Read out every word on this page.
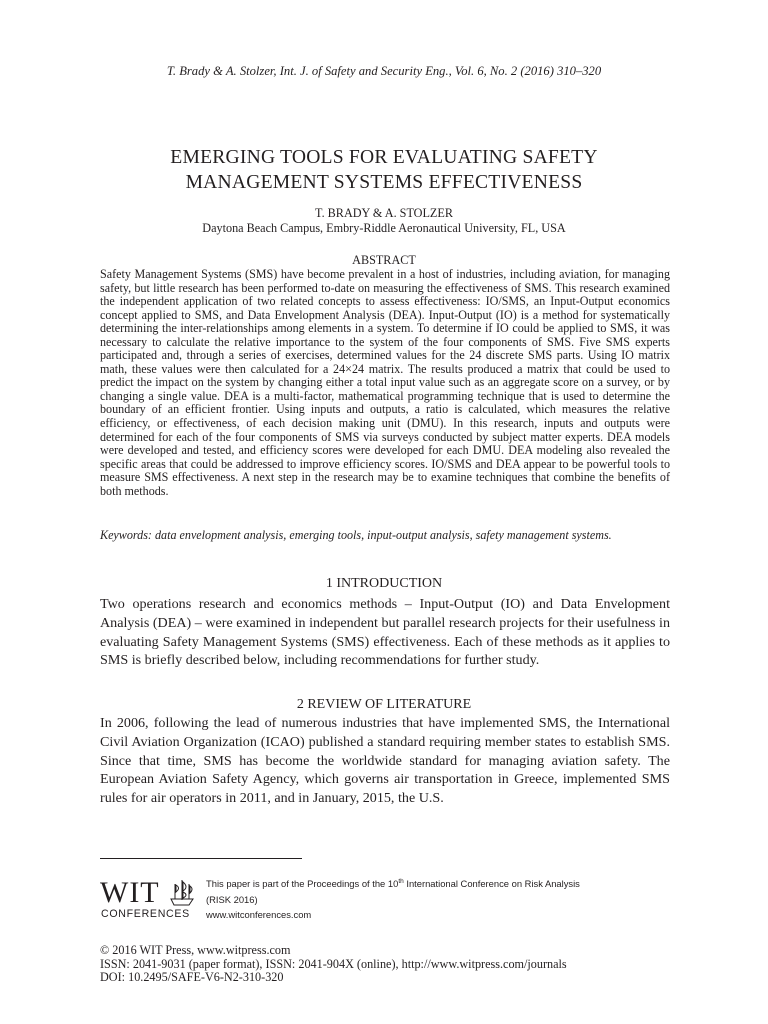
T. Brady & A. Stolzer, Int. J. of Safety and Security Eng., Vol. 6, No. 2 (2016) 310–320
EMERGING TOOLS FOR EVALUATING SAFETY
MANAGEMENT SYSTEMS EFFECTIVENESS
T. BRADY & A. STOLZER
Daytona Beach Campus, Embry-Riddle Aeronautical University, FL, USA
ABSTRACT
Safety Management Systems (SMS) have become prevalent in a host of industries, including aviation, for managing safety, but little research has been performed to-date on measuring the effectiveness of SMS. This research examined the independent application of two related concepts to assess effectiveness: IO/SMS, an Input-Output economics concept applied to SMS, and Data Envelopment Analysis (DEA). Input-Output (IO) is a method for systematically determining the inter-relationships among elements in a system. To determine if IO could be applied to SMS, it was necessary to calculate the relative importance to the system of the four components of SMS. Five SMS experts participated and, through a series of exercises, determined values for the 24 discrete SMS parts. Using IO matrix math, these values were then calculated for a 24×24 matrix. The results produced a matrix that could be used to predict the impact on the system by changing either a total input value such as an aggregate score on a survey, or by changing a single value. DEA is a multi-factor, mathematical programming technique that is used to determine the boundary of an efficient frontier. Using inputs and outputs, a ratio is calculated, which measures the relative efficiency, or effectiveness, of each decision making unit (DMU). In this research, inputs and outputs were determined for each of the four components of SMS via surveys conducted by subject matter experts. DEA models were developed and tested, and efficiency scores were developed for each DMU. DEA modeling also revealed the specific areas that could be addressed to improve efficiency scores. IO/SMS and DEA appear to be powerful tools to measure SMS effectiveness. A next step in the research may be to examine techniques that combine the benefits of both methods.
Keywords: data envelopment analysis, emerging tools, input-output analysis, safety management systems.
1 INTRODUCTION
Two operations research and economics methods – Input-Output (IO) and Data Envelopment Analysis (DEA) – were examined in independent but parallel research projects for their usefulness in evaluating Safety Management Systems (SMS) effectiveness. Each of these methods as it applies to SMS is briefly described below, including recommendations for further study.
2 REVIEW OF LITERATURE
In 2006, following the lead of numerous industries that have implemented SMS, the International Civil Aviation Organization (ICAO) published a standard requiring member states to establish SMS. Since that time, SMS has become the worldwide standard for managing aviation safety. The European Aviation Safety Agency, which governs air transportation in Greece, implemented SMS rules for air operators in 2011, and in January, 2015, the U.S.
WIT
CONFERENCES
This paper is part of the Proceedings of the 10th International Conference on Risk Analysis
(RISK 2016)
www.witconferences.com
© 2016 WIT Press, www.witpress.com
ISSN: 2041-9031 (paper format), ISSN: 2041-904X (online), http://www.witpress.com/journals
DOI: 10.2495/SAFE-V6-N2-310-320
